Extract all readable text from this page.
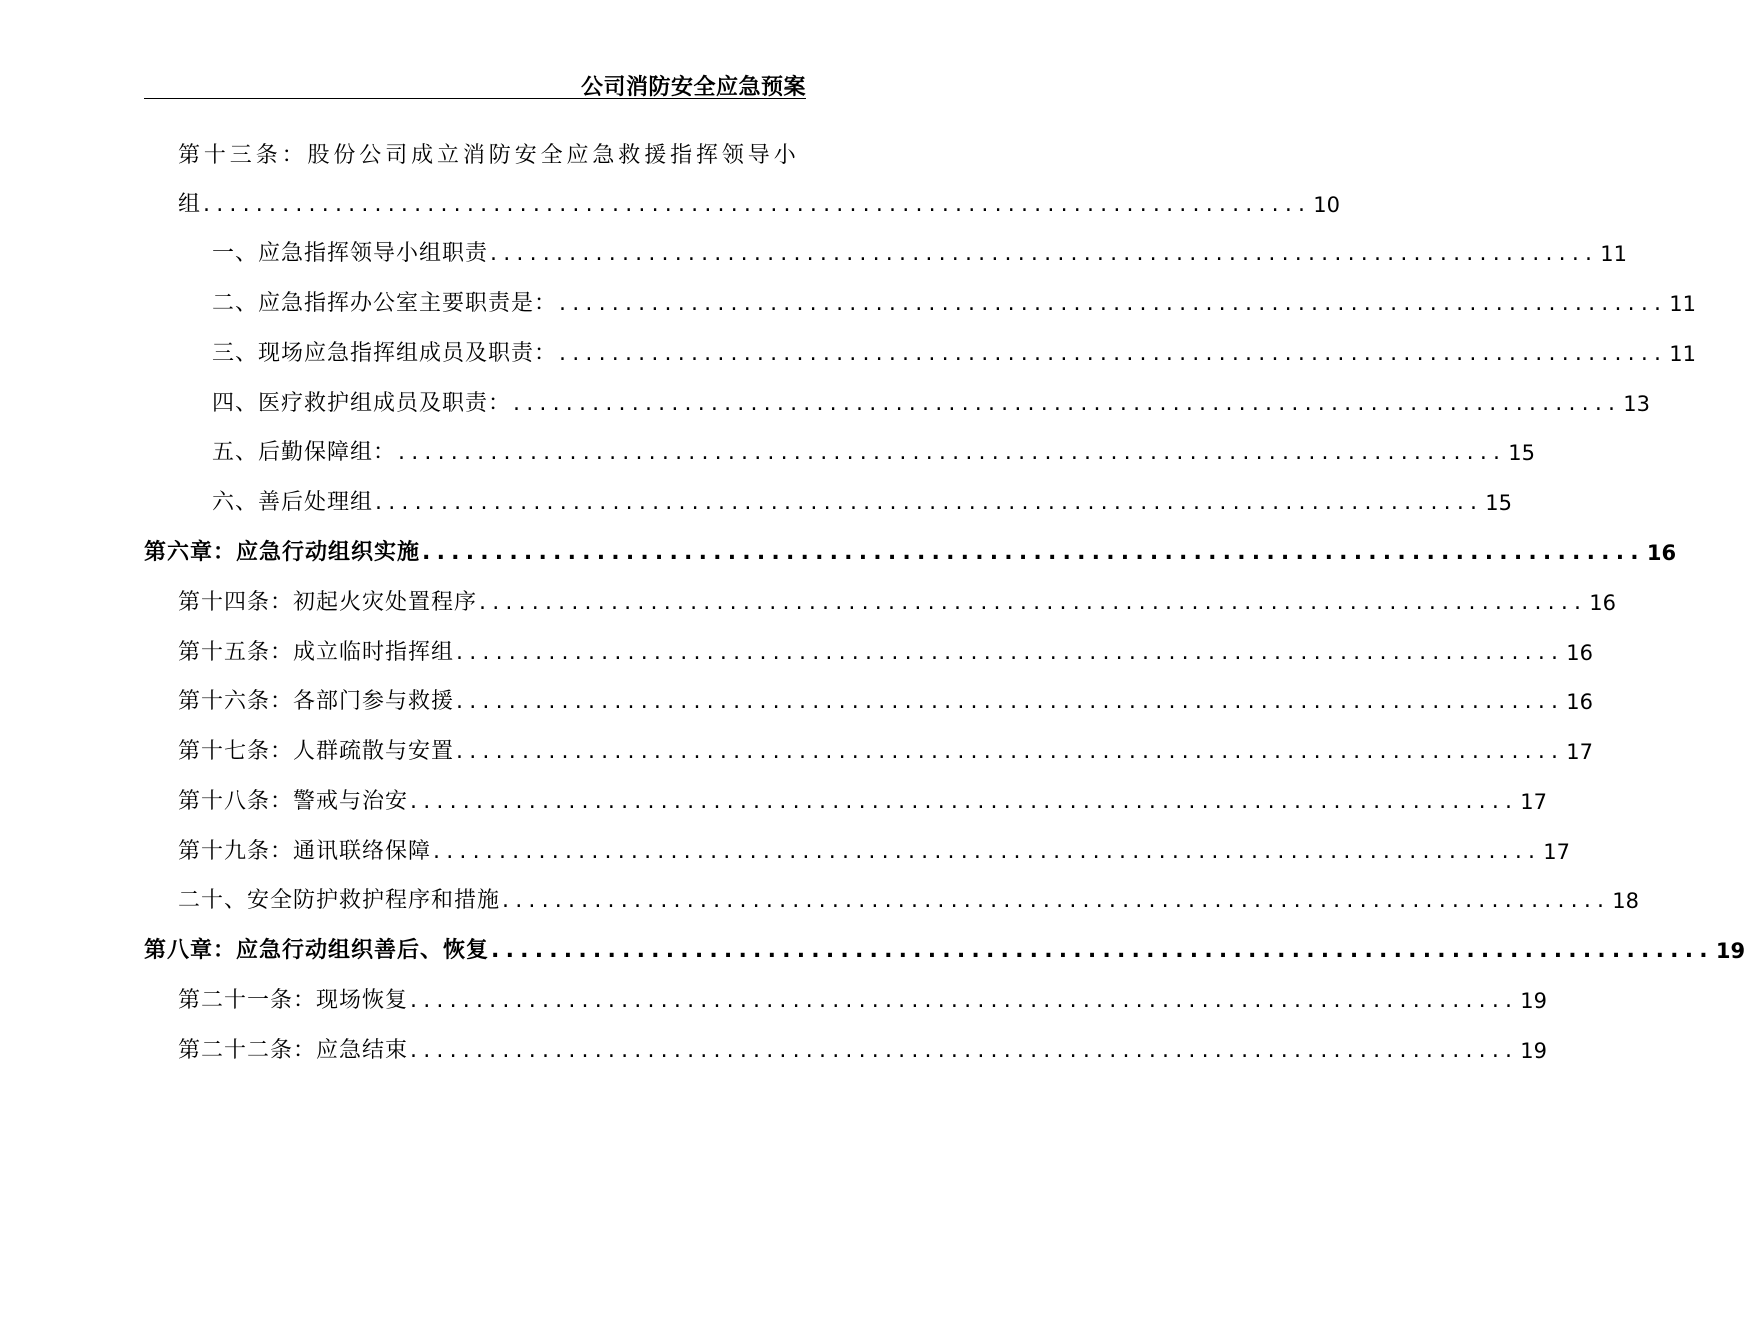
公司消防安全应急预案
第十三条：股份公司成立消防安全应急救援指挥领导小
组 .................................................................................... 10
一、应急指挥领导小组职责 .................................................................................... 11
二、应急指挥办公室主要职责是： .................................................................................... 11
三、现场应急指挥组成员及职责： .................................................................................... 11
四、医疗救护组成员及职责： .................................................................................... 13
五、后勤保障组： .................................................................................... 15
六、善后处理组 .................................................................................... 15
第六章：应急行动组织实施 .................................................................................... 16
第十四条：初起火灾处置程序 .................................................................................... 16
第十五条：成立临时指挥组 .................................................................................... 16
第十六条：各部门参与救援 .................................................................................... 16
第十七条：人群疏散与安置 .................................................................................... 17
第十八条：警戒与治安 .................................................................................... 17
第十九条：通讯联络保障 .................................................................................... 17
二十、安全防护救护程序和措施 .................................................................................... 18
第八章：应急行动组织善后、恢复 .................................................................................... 19
第二十一条：现场恢复 .................................................................................... 19
第二十二条：应急结束 .................................................................................... 19
